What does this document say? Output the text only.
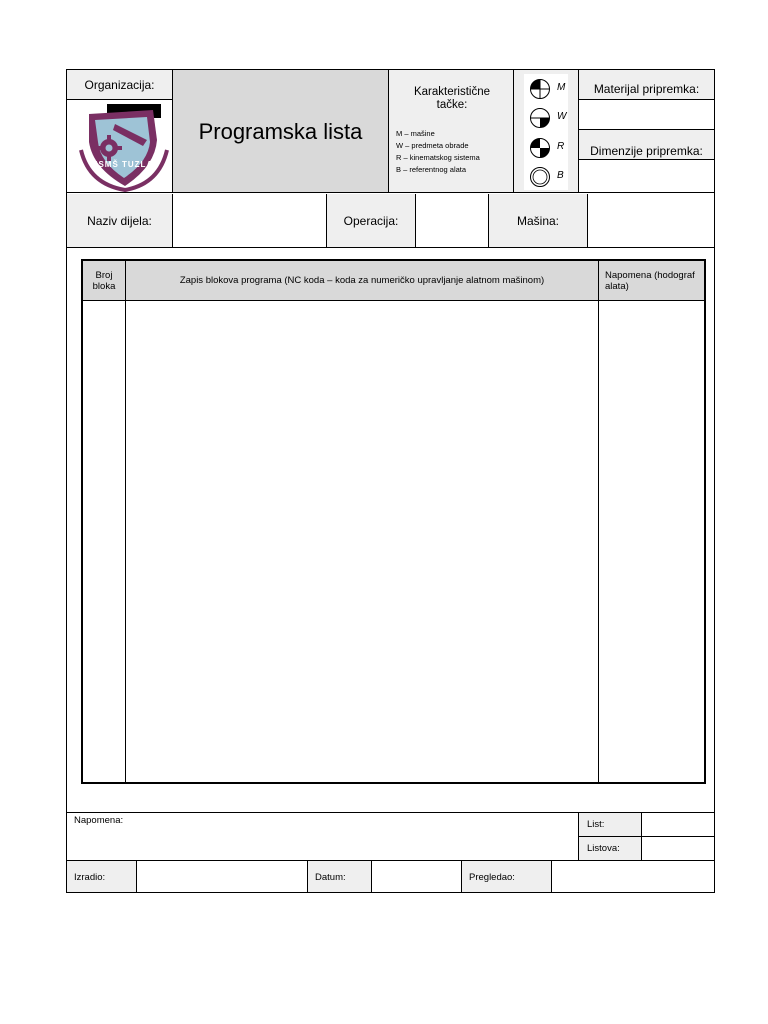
Organizacija:
MSMŠ TUZLA
Programska lista
Karakteristične tačke:
M – mašine
W – predmeta obrade
R – kinematskog sistema
B – referentnog alata
M
W
R
B
Materijal pripremka:
Dimenzije pripremka:
Naziv dijela:	Operacija:	Mašina:
Broj bloka	Zapis blokova programa (NC koda – koda za numeričko upravljanje alatnom mašinom)	Napomena (hodograf alata)
Napomena:	List:
Listova:
Izradio:	Datum:	Pregledao:
